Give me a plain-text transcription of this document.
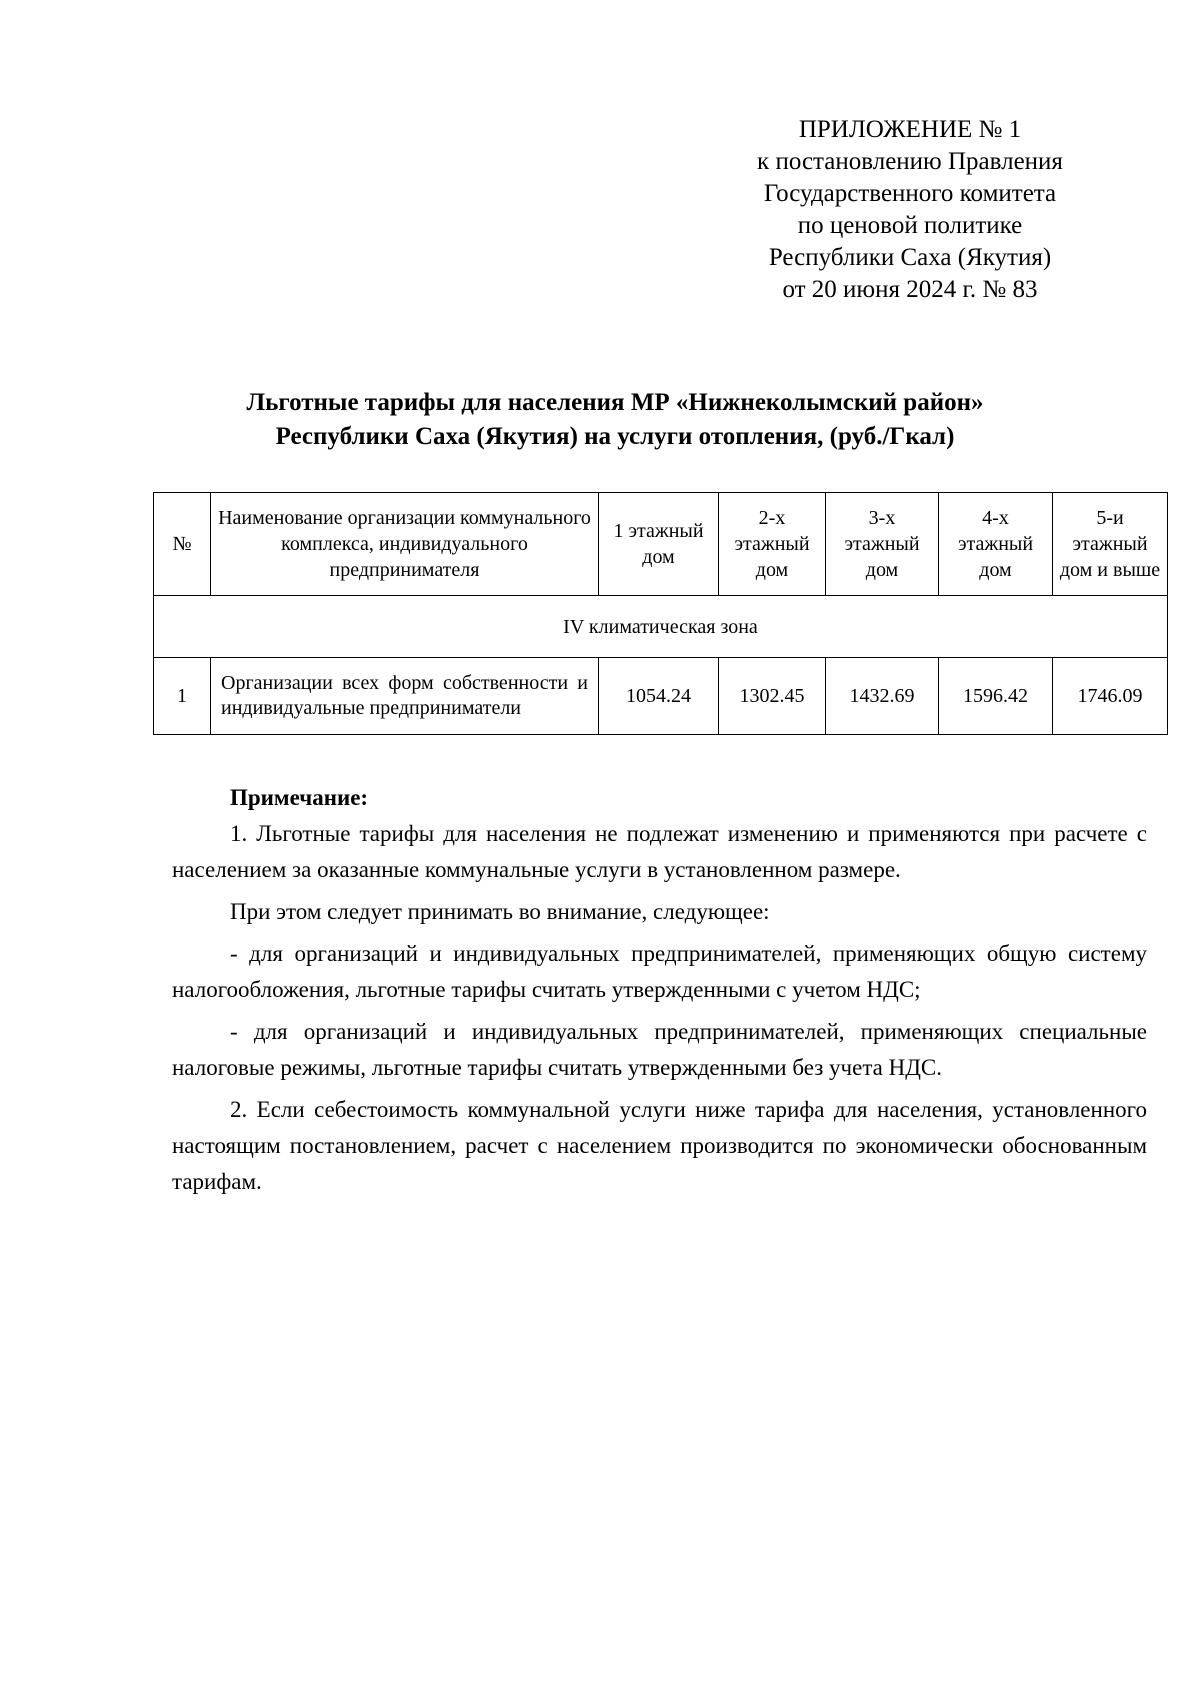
ПРИЛОЖЕНИЕ № 1
к постановлению Правления
Государственного комитета
по ценовой политике
Республики Саха (Якутия)
от 20 июня 2024 г. № 83
Льготные тарифы для населения МР «Нижнеколымский район»
Республики Саха (Якутия) на услуги отопления, (руб./Гкал)
№	Наименование организации коммунального комплекса, индивидуального предпринимателя	1 этажный дом	2-х этажный дом	3-х этажный дом	4-х этажный дом	5-и этажный дом и выше
IV климатическая зона						
1	Организации всех форм собственности и индивидуальные предприниматели	1054.24	1302.45	1432.69	1596.42	1746.09
Примечание:

1. Льготные тарифы для населения не подлежат изменению и применяются при расчете с населением за оказанные коммунальные услуги в установленном размере.

При этом следует принимать во внимание, следующее:

- для организаций и индивидуальных предпринимателей, применяющих общую систему налогообложения, льготные тарифы считать утвержденными с учетом НДС;

- для организаций и индивидуальных предпринимателей, применяющих специальные налоговые режимы, льготные тарифы считать утвержденными без учета НДС.

2. Если себестоимость коммунальной услуги ниже тарифа для населения, установленного настоящим постановлением, расчет с населением производится по экономически обоснованным тарифам.
